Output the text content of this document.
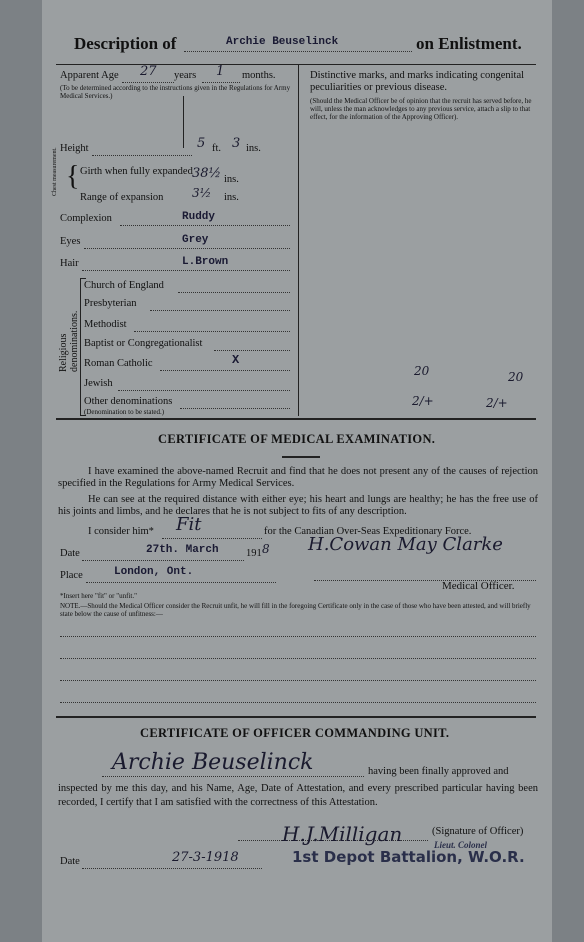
Description of	Archie Beuselinck	on Enlistment.
Apparent Age 27 years 1 months.
(To be determined according to the instructions given in the Regulations for Army Medical Services.)
Distinctive marks, and marks indicating congenital peculiarities or previous disease.
(Should the Medical Officer be of opinion that the recruit has served before, he will, unless the man acknowledges to any previous service, attach a slip to that effect, for the information of the Approving Officer).
Height	5 ft. 3 ins.
Chest measurement. { Girth when fully expanded 38½ ins.
Range of expansion 3½ ins.
Complexion	Ruddy
Eyes	Grey
Hair	L.Brown
Religious denominations.
Church of England
Presbyterian
Methodist
Baptist or Congregationalist
Roman Catholic	X
Jewish
Other denominations
(Denomination to be stated.)
20	20
2/+	2/+
CERTIFICATE OF MEDICAL EXAMINATION.
I have examined the above-named Recruit and find that he does not present any of the causes of rejection specified in the Regulations for Army Medical Services.
He can see at the required distance with either eye; his heart and lungs are healthy; he has the free use of his joints and limbs, and he declares that he is not subject to fits of any description.
I consider him* Fit	for the Canadian Over-Seas Expeditionary Force.
Date	27th. March	191 8 H.Cowan May Clarke
Place	London, Ont.
Medical Officer.
*Insert here "fit" or "unfit."
NOTE.—Should the Medical Officer consider the Recruit unfit, he will fill in the foregoing Certificate only in the case of those who have been attested, and will briefly state below the cause of unfitness:—
CERTIFICATE OF OFFICER COMMANDING UNIT.
Archie Beuselinck	having been finally approved and
inspected by me this day, and his Name, Age, Date of Attestation, and every prescribed particular having been recorded, I certify that I am satisfied with the correctness of this Attestation.
H.J.Milligan	(Signature of Officer)
Lieut. Colonel
Date	27-3-1918	1st Depot Battalion, W.O.R.
